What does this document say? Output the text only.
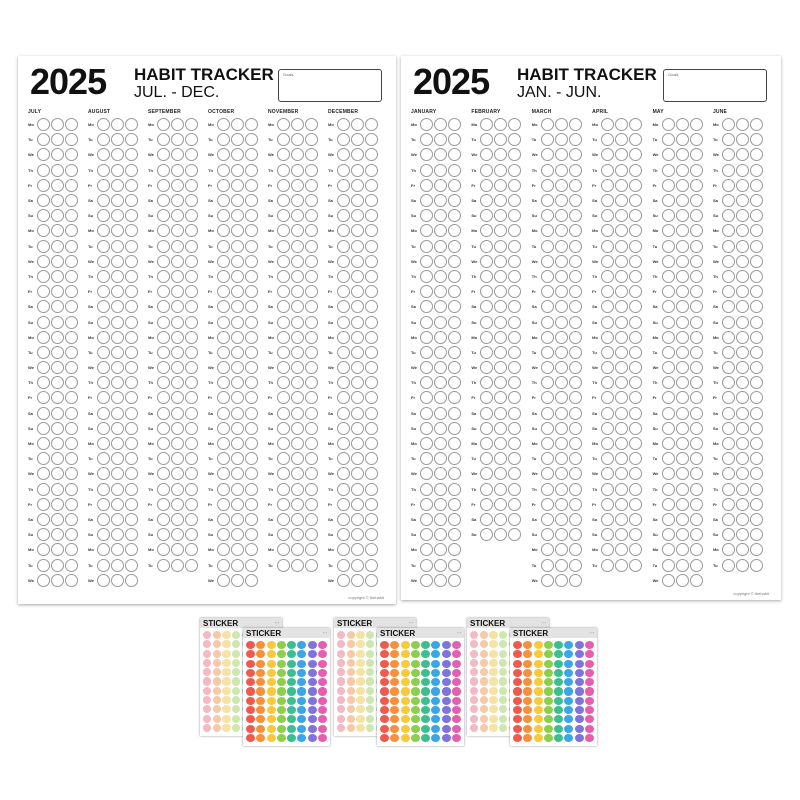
2025 HABIT TRACKER
JUL. - DEC.
Goals
JULY
Mo
Tu
We
Th
Fr
Sa
Su
Mo
Tu
We
Th
Fr
Sa
Su
Mo
Tu
We
Th
Fr
Sa
Su
Mo
Tu
We
Th
Fr
Sa
Su
Mo
Tu
We
AUGUST
Mo
Tu
We
Th
Fr
Sa
Su
Mo
Tu
We
Th
Fr
Sa
Su
Mo
Tu
We
Th
Fr
Sa
Su
Mo
Tu
We
Th
Fr
Sa
Su
Mo
Tu
We
SEPTEMBER
Mo
Tu
We
Th
Fr
Sa
Su
Mo
Tu
We
Th
Fr
Sa
Su
Mo
Tu
We
Th
Fr
Sa
Su
Mo
Tu
We
Th
Fr
Sa
Su
Mo
Tu
OCTOBER
Mo
Tu
We
Th
Fr
Sa
Su
Mo
Tu
We
Th
Fr
Sa
Su
Mo
Tu
We
Th
Fr
Sa
Su
Mo
Tu
We
Th
Fr
Sa
Su
Mo
Tu
We
NOVEMBER
Mo
Tu
We
Th
Fr
Sa
Su
Mo
Tu
We
Th
Fr
Sa
Su
Mo
Tu
We
Th
Fr
Sa
Su
Mo
Tu
We
Th
Fr
Sa
Su
Mo
Tu
DECEMBER
Mo
Tu
We
Th
Fr
Sa
Su
Mo
Tu
We
Th
Fr
Sa
Su
Mo
Tu
We
Th
Fr
Sa
Su
Mo
Tu
We
Th
Fr
Sa
Su
Mo
Tu
We
copyright © thehabit
2025 HABIT TRACKER
JAN. - JUN.
Goals
JANUARY
Mo
Tu
We
Th
Fr
Sa
Su
Mo
Tu
We
Th
Fr
Sa
Su
Mo
Tu
We
Th
Fr
Sa
Su
Mo
Tu
We
Th
Fr
Sa
Su
Mo
Tu
We
FEBRUARY
Mo
Tu
We
Th
Fr
Sa
Su
Mo
Tu
We
Th
Fr
Sa
Su
Mo
Tu
We
Th
Fr
Sa
Su
Mo
Tu
We
Th
Fr
Sa
Su
MARCH
Mo
Tu
We
Th
Fr
Sa
Su
Mo
Tu
We
Th
Fr
Sa
Su
Mo
Tu
We
Th
Fr
Sa
Su
Mo
Tu
We
Th
Fr
Sa
Su
Mo
Tu
We
APRIL
Mo
Tu
We
Th
Fr
Sa
Su
Mo
Tu
We
Th
Fr
Sa
Su
Mo
Tu
We
Th
Fr
Sa
Su
Mo
Tu
We
Th
Fr
Sa
Su
Mo
Tu
MAY
Mo
Tu
We
Th
Fr
Sa
Su
Mo
Tu
We
Th
Fr
Sa
Su
Mo
Tu
We
Th
Fr
Sa
Su
Mo
Tu
We
Th
Fr
Sa
Su
Mo
Tu
We
JUNE
Mo
Tu
We
Th
Fr
Sa
Su
Mo
Tu
We
Th
Fr
Sa
Su
Mo
Tu
We
Th
Fr
Sa
Su
Mo
Tu
We
Th
Fr
Sa
Su
Mo
Tu
copyright © thehabit
STICKER	◦ ◦
STICKER	◦ ◦
STICKER	◦ ◦
STICKER	◦ ◦
STICKER	◦ ◦
STICKER	◦ ◦
